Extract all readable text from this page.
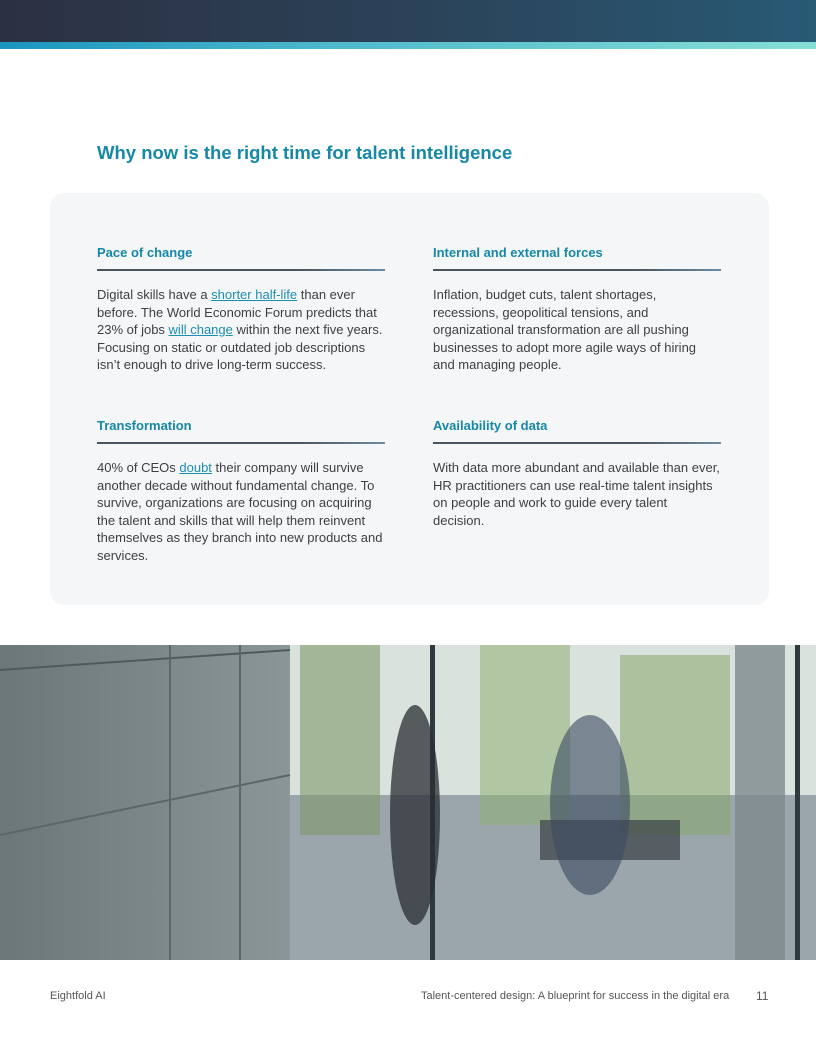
Why now is the right time for talent intelligence
Pace of change

Digital skills have a shorter half-life than ever before. The World Economic Forum predicts that 23% of jobs will change within the next five years. Focusing on static or outdated job descriptions isn’t enough to drive long-term success.

Internal and external forces

Inflation, budget cuts, talent shortages, recessions, geopolitical tensions, and organizational transformation are all pushing businesses to adopt more agile ways of hiring and managing people.

Transformation

40% of CEOs doubt their company will survive another decade without fundamental change. To survive, organizations are focusing on acquiring the talent and skills that will help them reinvent themselves as they branch into new products and services.

Availability of data

With data more abundant and available than ever, HR practitioners can use real-time talent insights on people and work to guide every talent decision.

Eightfold AI	Talent-centered design: A blueprint for success in the digital era 11
